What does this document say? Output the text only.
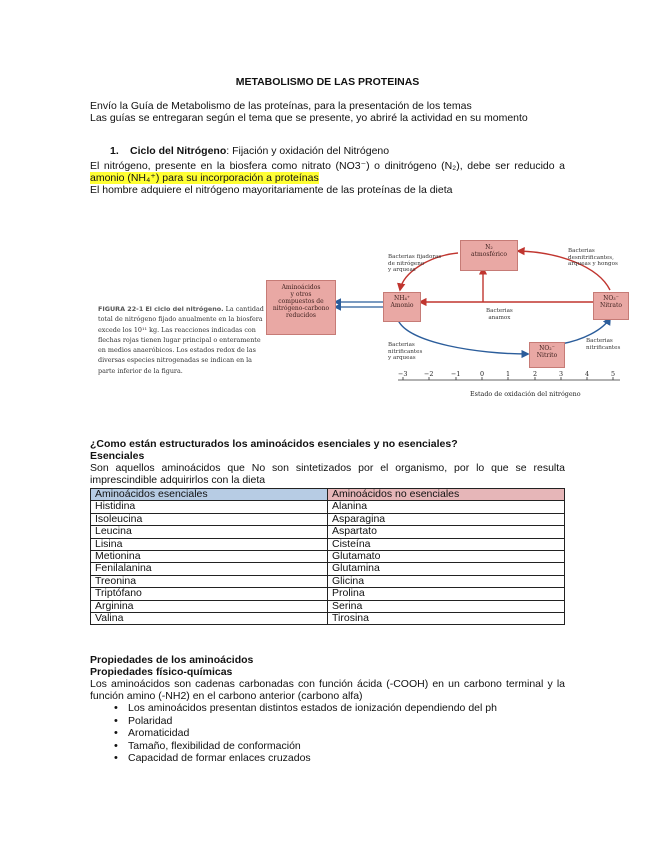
METABOLISMO DE LAS PROTEINAS
Envío la Guía de Metabolismo de las proteínas, para la presentación de los temas
Las guías se entregaran según el tema que se presente, yo abriré la actividad en su momento
1. Ciclo del Nitrógeno: Fijación y oxidación del Nitrógeno
El nitrógeno, presente en la biosfera como nitrato (NO3⁻) o dinitrógeno (N₂), debe ser reducido a
amonio (NH₄⁺) para su incorporación a proteínas
El hombre adquiere el nitrógeno mayoritariamente de las proteínas de la dieta
FIGURA 22-1 El ciclo del nitrógeno. La cantidad total de nitrógeno fijado anualmente en la biosfera excede los 10¹¹ kg. Las reacciones indicadas con flechas rojas tienen lugar principal o enteramente en medios anaeróbicos. Los estados redox de las diversas especies nitrogenadas se indican en la parte inferior de la figura.
Aminoácidos
y otros
compuestos de
nitrógeno-carbono
reducidos
N₂
atmosférico
NH₄⁺
Amonio
NO₂⁻
Nitrito
NO₃⁻
Nitrato
Bacterias fijadoras
de nitrógeno
y arqueas
Bacterias
desnitrificantes,
arqueas y hongos
Bacterias
anamox
Bacterias
nitrificantes
y arqueas
Bacterias
nitrificantes
−3	−2	−1	0	1	2	3	4	5
Estado de oxidación del nitrógeno
¿Como están estructurados los aminoácidos esenciales y no esenciales?
Esenciales
Son aquellos aminoácidos que No son sintetizados por el organismo, por lo que se resulta
imprescindible adquirirlos con la dieta
Aminoácidos esenciales	Aminoácidos no esenciales
Histidina	Alanina
Isoleucina	Asparagina
Leucina	Aspartato
Lisina	Cisteína
Metionina	Glutamato
Fenilalanina	Glutamina
Treonina	Glicina
Triptófano	Prolina
Arginina	Serina
Valina	Tirosina
Propiedades de los aminoácidos
Propiedades físico-químicas
Los aminoácidos son cadenas carbonadas con función ácida (-COOH) en un carbono terminal y la
función amino (-NH2) en el carbono anterior (carbono alfa)
• Los aminoácidos presentan distintos estados de ionización dependiendo del ph
• Polaridad
• Aromaticidad
• Tamaño, flexibilidad de conformación
• Capacidad de formar enlaces cruzados
